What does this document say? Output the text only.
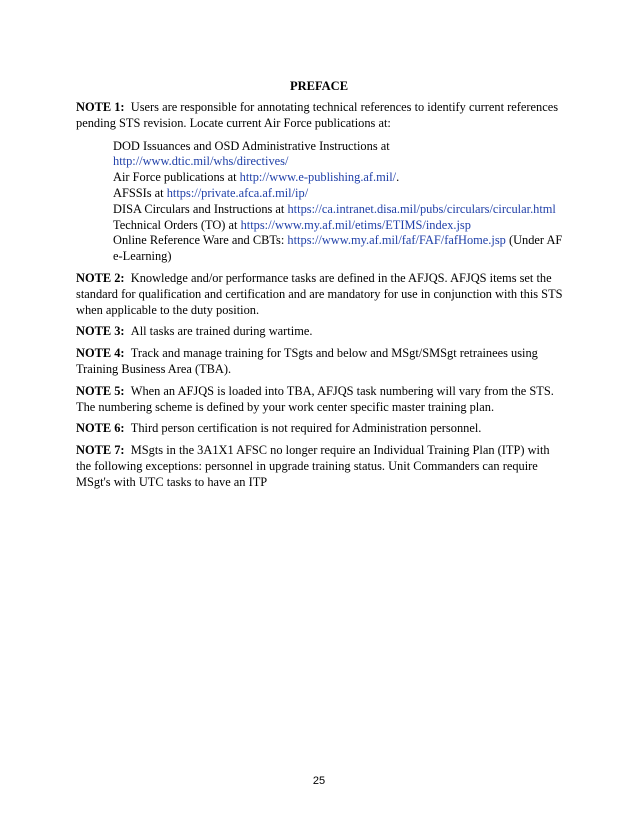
PREFACE
NOTE 1: Users are responsible for annotating technical references to identify current references pending STS revision. Locate current Air Force publications at:
DOD Issuances and OSD Administrative Instructions at
http://www.dtic.mil/whs/directives/
Air Force publications at http://www.e-publishing.af.mil/.
AFSSIs at https://private.afca.af.mil/ip/
DISA Circulars and Instructions at https://ca.intranet.disa.mil/pubs/circulars/circular.html
Technical Orders (TO) at https://www.my.af.mil/etims/ETIMS/index.jsp
Online Reference Ware and CBTs: https://www.my.af.mil/faf/FAF/fafHome.jsp (Under AF e-Learning)
NOTE 2: Knowledge and/or performance tasks are defined in the AFJQS. AFJQS items set the standard for qualification and certification and are mandatory for use in conjunction with this STS when applicable to the duty position.
NOTE 3: All tasks are trained during wartime.
NOTE 4: Track and manage training for TSgts and below and MSgt/SMSgt retrainees using Training Business Area (TBA).
NOTE 5: When an AFJQS is loaded into TBA, AFJQS task numbering will vary from the STS. The numbering scheme is defined by your work center specific master training plan.
NOTE 6: Third person certification is not required for Administration personnel.
NOTE 7: MSgts in the 3A1X1 AFSC no longer require an Individual Training Plan (ITP) with the following exceptions: personnel in upgrade training status. Unit Commanders can require MSgt's with UTC tasks to have an ITP
25
